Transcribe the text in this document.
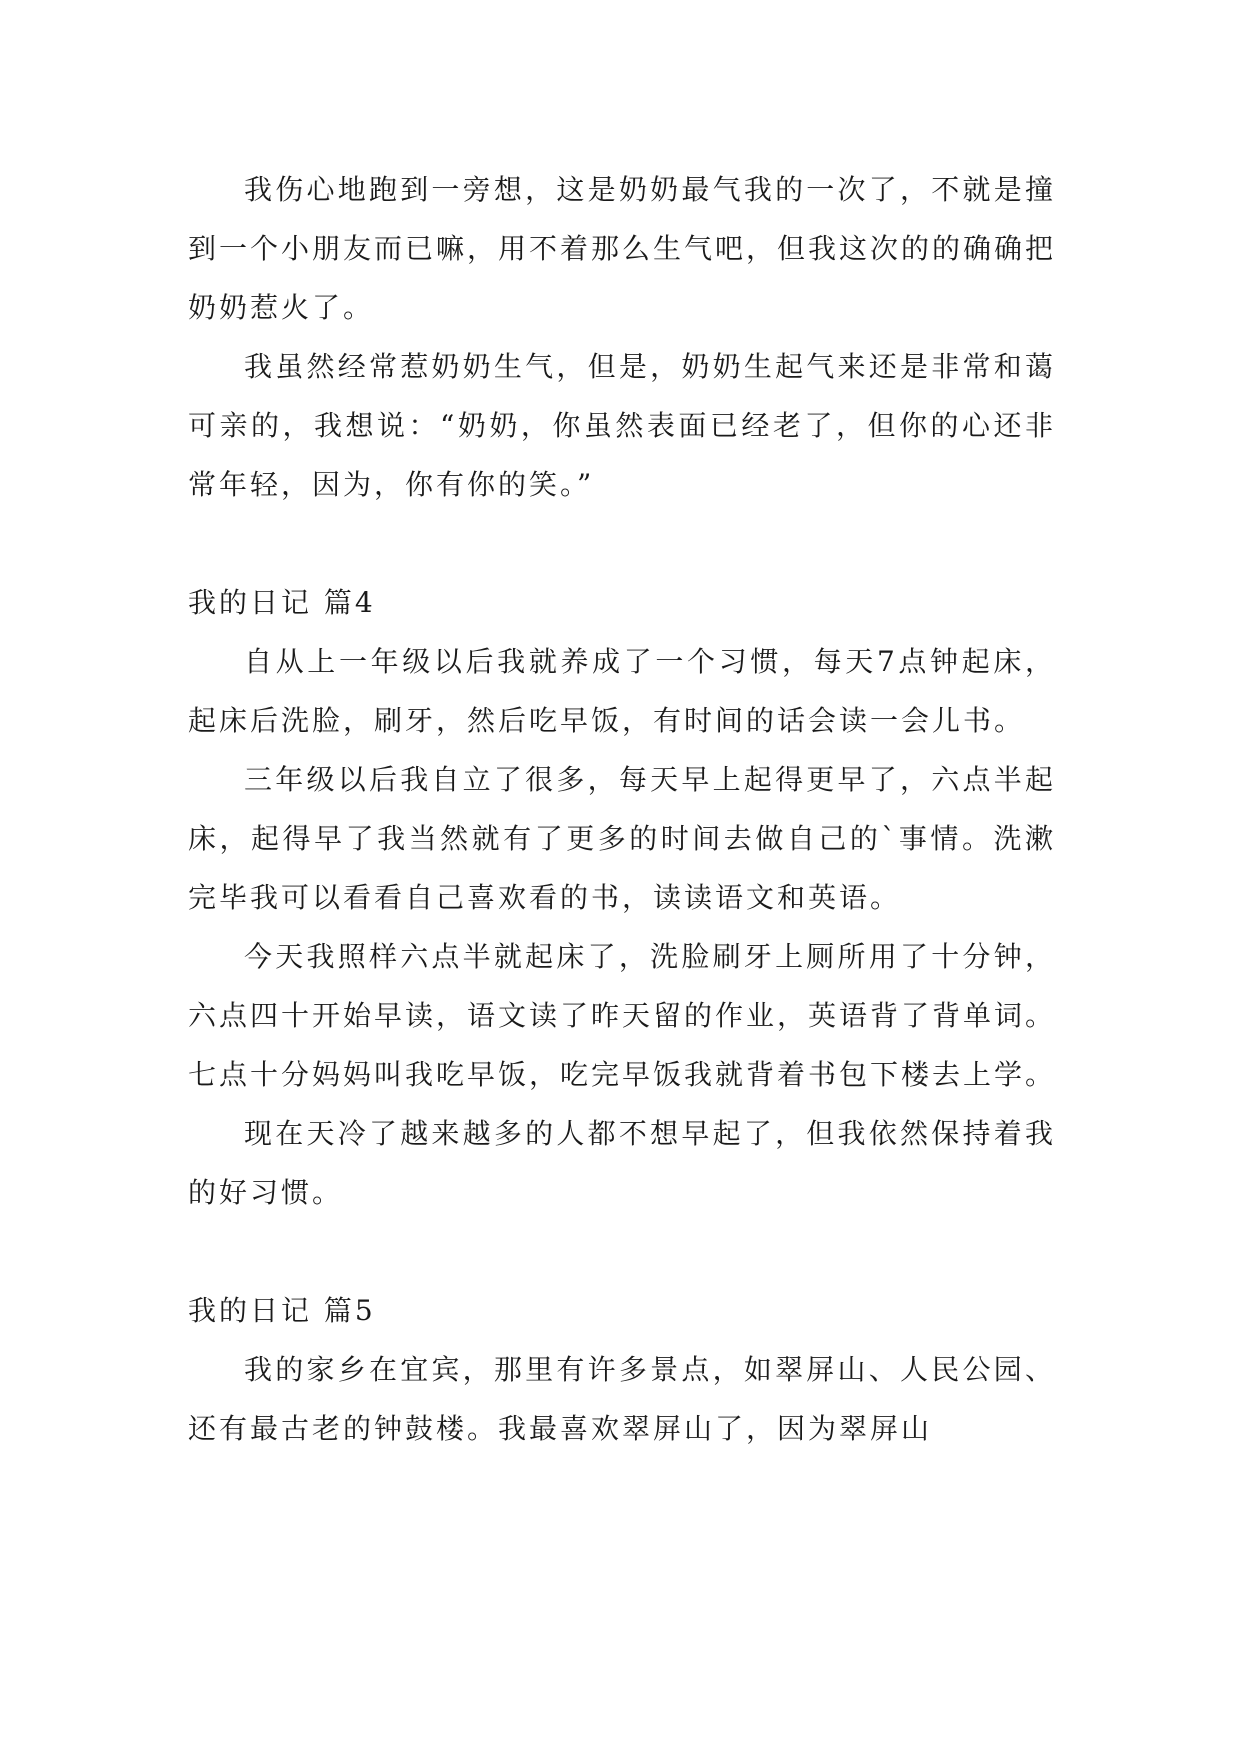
我伤心地跑到一旁想，这是奶奶最气我的一次了，不就是撞到一个小朋友而已嘛，用不着那么生气吧，但我这次的的确确把奶奶惹火了。

我虽然经常惹奶奶生气，但是，奶奶生起气来还是非常和蔼可亲的，我想说：“奶奶，你虽然表面已经老了，但你的心还非常年轻，因为，你有你的笑。”

我的日记 篇4

自从上一年级以后我就养成了一个习惯，每天7点钟起床，起床后洗脸，刷牙，然后吃早饭，有时间的话会读一会儿书。

三年级以后我自立了很多，每天早上起得更早了，六点半起床，起得早了我当然就有了更多的时间去做自己的`事情。洗漱完毕我可以看看自己喜欢看的书，读读语文和英语。

今天我照样六点半就起床了，洗脸刷牙上厕所用了十分钟，六点四十开始早读，语文读了昨天留的作业，英语背了背单词。七点十分妈妈叫我吃早饭，吃完早饭我就背着书包下楼去上学。

现在天冷了越来越多的人都不想早起了，但我依然保持着我的好习惯。

我的日记 篇5

我的家乡在宜宾，那里有许多景点，如翠屏山、人民公园、还有最古老的钟鼓楼。我最喜欢翠屏山了，因为翠屏山
